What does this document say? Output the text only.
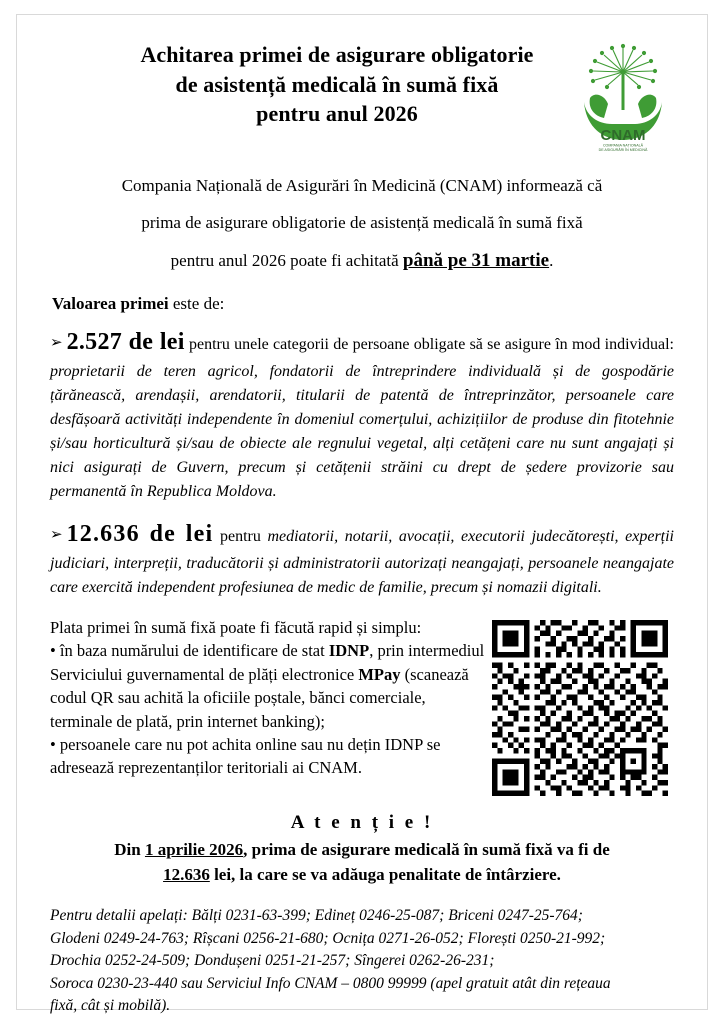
Achitarea primei de asigurare obligatorie
de asistență medicală în sumă fixă
pentru anul 2026
CNAM
COMPANIA NAȚIONALĂ
DE ASIGURĂRI ÎN MEDICINĂ
Compania Națională de Asigurări în Medicină (CNAM) informează că
prima de asigurare obligatorie de asistență medicală în sumă fixă
pentru anul 2026 poate fi achitată până pe 31 martie.
Valoarea primei este de:
➢ 2.527 de lei pentru unele categorii de persoane obligate să se asigure în mod individual: proprietarii de teren agricol, fondatorii de întreprindere individuală și de gospodărie țărănească, arendașii, arendatorii, titularii de patentă de întreprinzător, persoanele care desfășoară activități independente în domeniul comerțului, achizițiilor de produse din fitotehnie și/sau horticultură și/sau de obiecte ale regnului vegetal, alți cetățeni care nu sunt angajați și nici asigurați de Guvern, precum și cetățenii străini cu drept de ședere provizorie sau permanentă în Republica Moldova.
➢ 12.636 de lei pentru mediatorii, notarii, avocații, executorii judecătorești, experții judiciari, interpreții, traducătorii și administratorii autorizați neangajați, persoanele neangajate care exercită independent profesiunea de medic de familie, precum și nomazii digitali.

Plata primei în sumă fixă poate fi făcută rapid și simplu:

• în baza numărului de identificare de stat IDNP, prin intermediul Serviciului guvernamental de plăți electronice MPay (scanează codul QR sau achită la oficiile poștale, bănci comerciale, terminale de plată, prin internet banking);

• persoanele care nu pot achita online sau nu dețin IDNP se adresează reprezentanților teritoriali ai CNAM.

A t e n ț i e !
Din 1 aprilie 2026, prima de asigurare medicală în sumă fixă va fi de
12.636 lei, la care se va adăuga penalitate de întârziere.

Pentru detalii apelați: Bălți 0231-63-399; Edineț 0246-25-087; Briceni 0247-25-764;

Glodeni 0249-24-763; Rîșcani 0256-21-680; Ocnița 0271-26-052; Florești 0250-21-992;

Drochia 0252-24-509; Dondușeni 0251-21-257; Sîngerei 0262-26-231;

Soroca 0230-23-440 sau Serviciul Info CNAM – 0800 99999 (apel gratuit atât din rețeaua

fixă, cât și mobilă).
